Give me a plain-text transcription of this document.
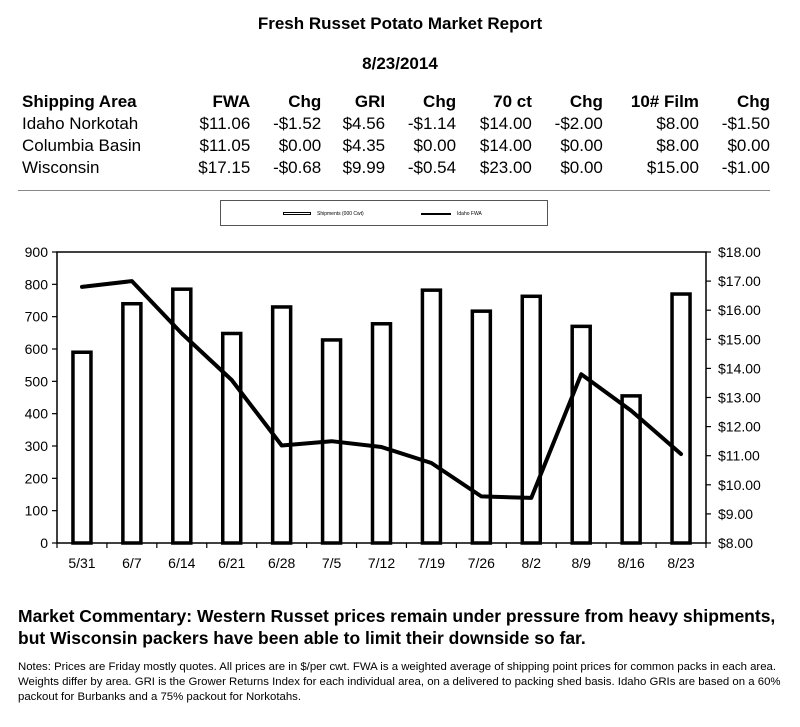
Fresh Russet Potato Market Report
8/23/2014
Shipping Area	FWA	Chg	GRI	Chg	70 ct	Chg	10# Film	Chg
Idaho Norkotah	$11.06	-$1.52	$4.56	-$1.14	$14.00	-$2.00	$8.00	-$1.50
Columbia Basin	$11.05	$0.00	$4.35	$0.00	$14.00	$0.00	$8.00	$0.00
Wisconsin	$17.15	-$0.68	$9.99	-$0.54	$23.00	$0.00	$15.00	-$1.00
Shipments (000 Cwt)	Idaho FWA
0
100
200
300
400
500
600
700
800
900
$8.00
$9.00
$10.00
$11.00
$12.00
$13.00
$14.00
$15.00
$16.00
$17.00
$18.00
5/31 6/7 6/14 6/21 6/28 7/5 7/12 7/19 7/26 8/2 8/9 8/16 8/23
Market Commentary: Western Russet prices remain under pressure from heavy shipments, but Wisconsin packers have been able to limit their downside so far.
Notes: Prices are Friday mostly quotes. All prices are in $/per cwt. FWA is a weighted average of shipping point prices for common packs in each area. Weights differ by area. GRI is the Grower Returns Index for each individual area, on a delivered to packing shed basis. Idaho GRIs are based on a 60% packout for Burbanks and a 75% packout for Norkotahs.
